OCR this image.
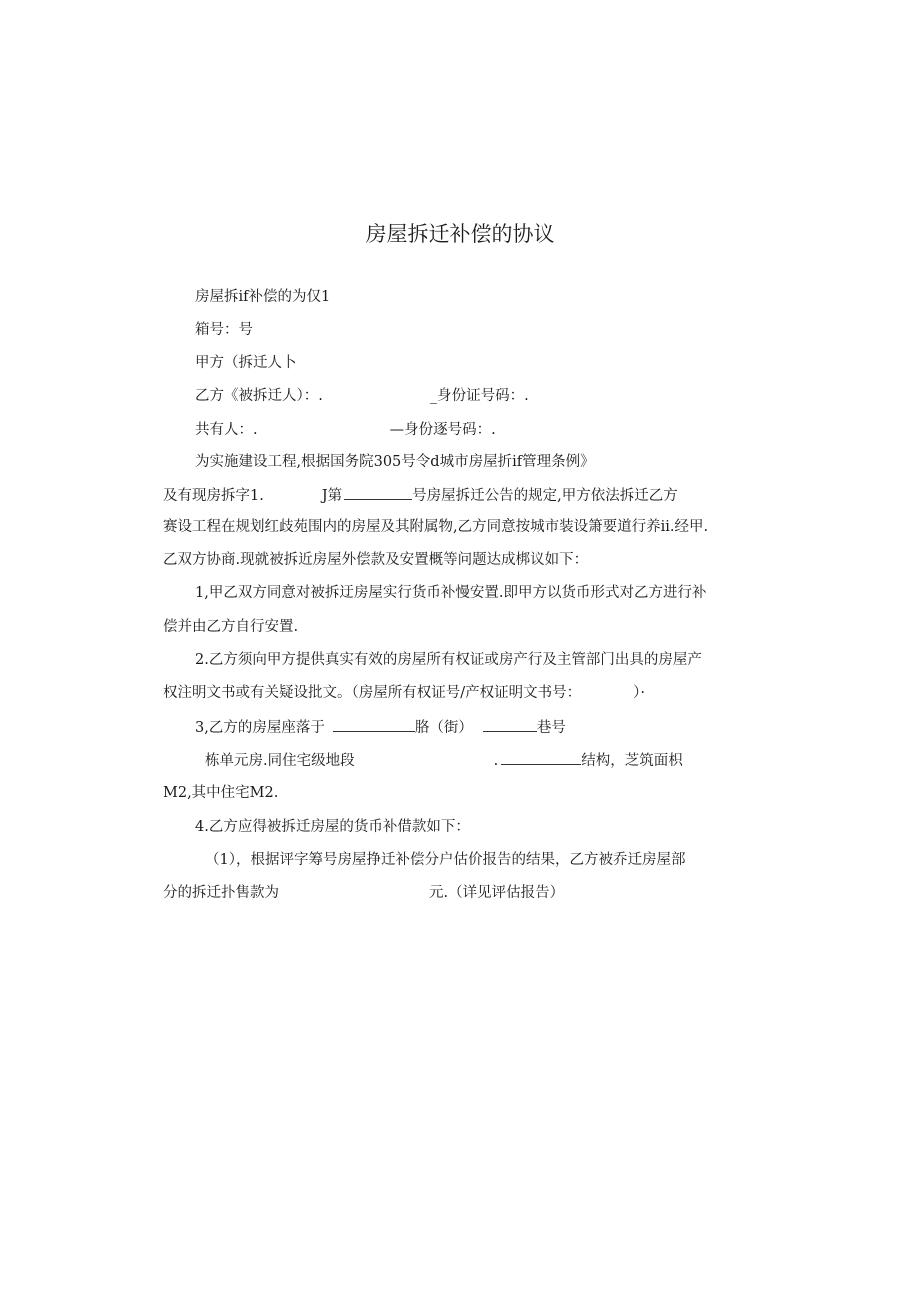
房屋拆迁补偿的协议
房屋拆if补偿的为仅1
箱号：号
甲方（拆迁人卜
乙方《被拆迁人）：.	_身份证号码：.
共有人：.	—身份逐号码：.
为实施建设工程,根据国务院305号令d城市房屋折if管理条例》
及有现房拆字1.	J第	号房屋拆迁公告的规定,甲方依法拆迁乙方
赛设工程在规划红歧苑围内的房屋及其附属物,乙方同意按城市装设箫要道行养ii.经甲.
乙双方协商.现就被拆近房屋外偿款及安置概等问题达成梆议如下：
1,甲乙双方同意对被拆迂房屋实行货币补慢安置.即甲方以货币形式对乙方进行补
偿并由乙方自行安置.
2.乙方须向甲方提供真实有效的房屋所有权证或房产行及主管部门出具的房屋产
权注明文书或有关疑设批文。（房屋所有权证号/产权证明文书号：	）·
3,乙方的房屋座落于	胳（街）	巷号
栋单元房.同住宅级地段	.	结构，芝筑面枳
M2,其中住宅M2.
4.乙方应得被拆迁房屋的货币补借款如下：
（1），根据评字筹号房屋挣迁补偿分户估价报告的结果，乙方被乔迁房屋部
分的拆迁扑售款为	元.（详见评估报告）
